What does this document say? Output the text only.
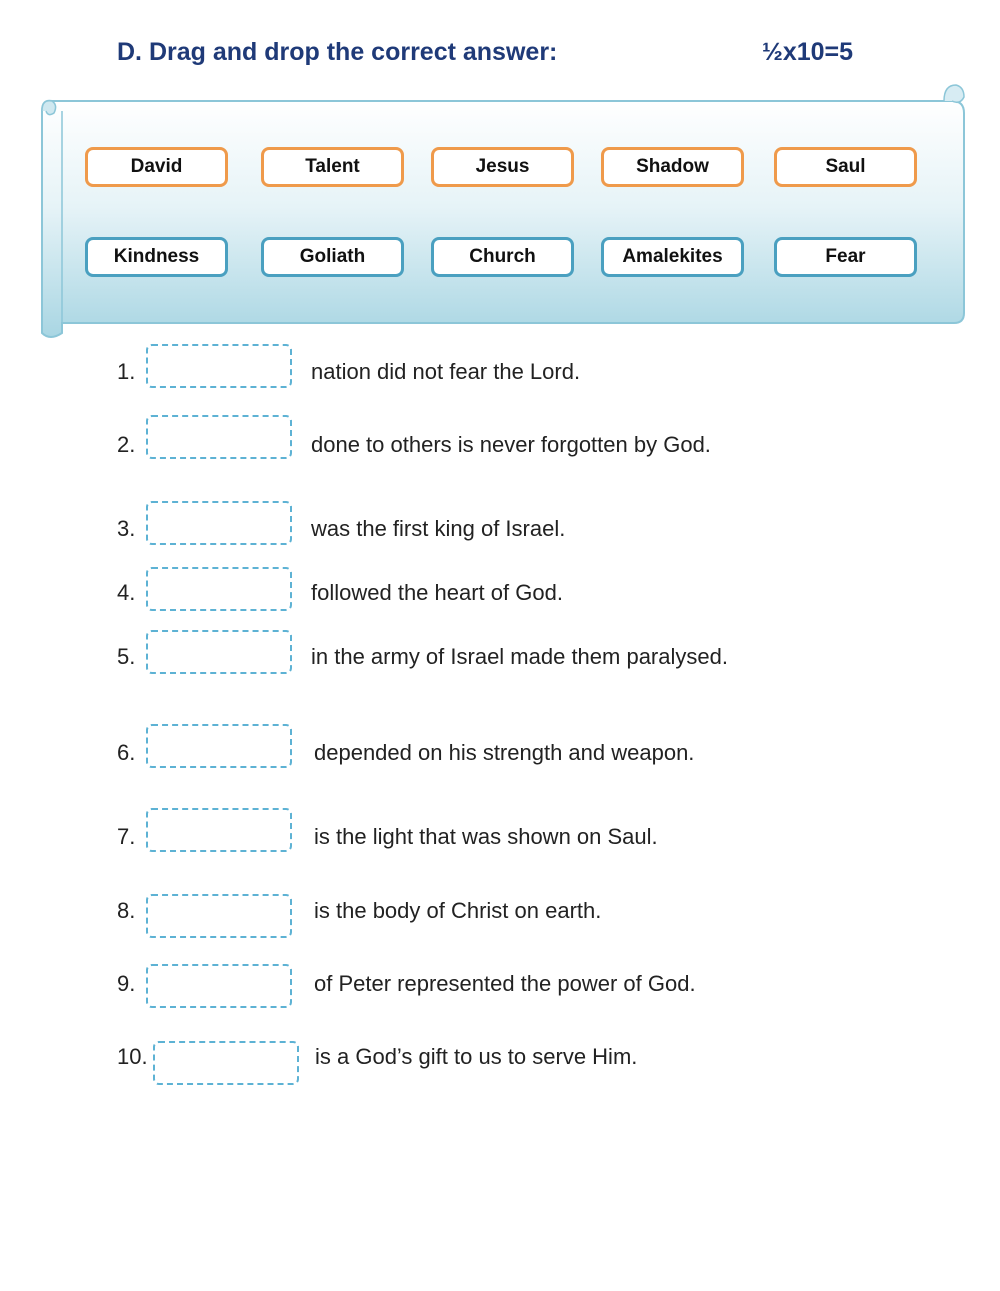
D. Drag and drop the correct answer:	½x10=5
David	Talent	Jesus	Shadow	Saul
Kindness	Goliath	Church	Amalekites	Fear
1.	nation did not fear the Lord.
2.	done to others is never forgotten by God.
3.	was the first king of Israel.
4.	followed the heart of God.
5.	in the army of Israel made them paralysed.
6.	depended on his strength and weapon.
7.	is the light that was shown on Saul.
8.	is the body of Christ on earth.
9.	of Peter represented the power of God.
10.	is a God’s gift to us to serve Him.
